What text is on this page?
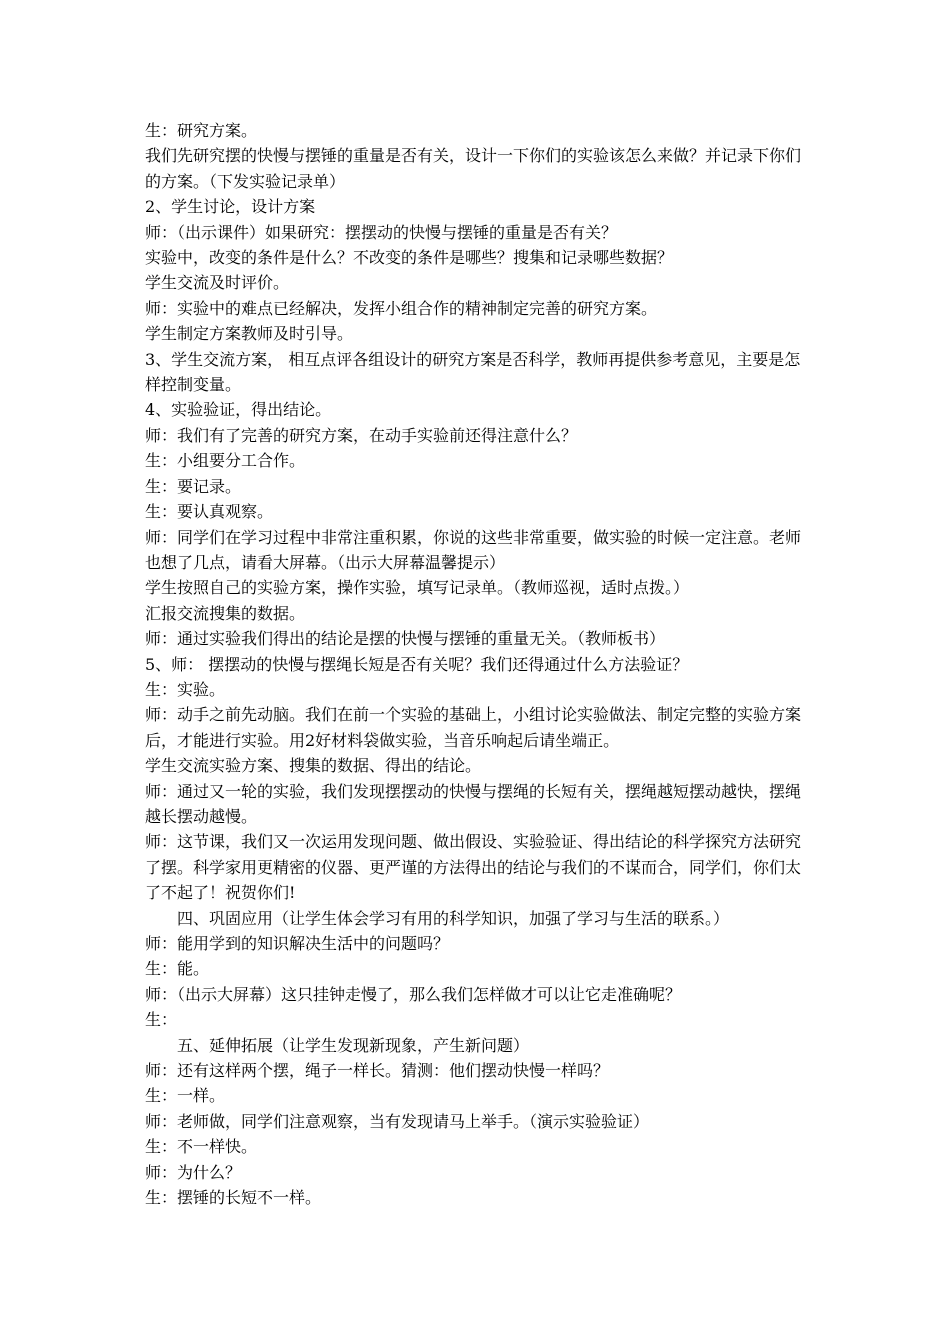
生：研究方案。

我们先研究摆的快慢与摆锤的重量是否有关，设计一下你们的实验该怎么来做？并记录下你们的方案。（下发实验记录单）

2、学生讨论，设计方案

师：（出示课件）如果研究：摆摆动的快慢与摆锤的重量是否有关？

实验中，改变的条件是什么？不改变的条件是哪些？搜集和记录哪些数据？

学生交流及时评价。

师：实验中的难点已经解决，发挥小组合作的精神制定完善的研究方案。

学生制定方案教师及时引导。

3、学生交流方案， 相互点评各组设计的研究方案是否科学，教师再提供参考意见，主要是怎样控制变量。

4、实验验证，得出结论。

师：我们有了完善的研究方案，在动手实验前还得注意什么？

生：小组要分工合作。

生：要记录。

生：要认真观察。

师：同学们在学习过程中非常注重积累，你说的这些非常重要，做实验的时候一定注意。老师也想了几点，请看大屏幕。（出示大屏幕温馨提示）

学生按照自己的实验方案，操作实验，填写记录单。（教师巡视，适时点拨。）

汇报交流搜集的数据。

师：通过实验我们得出的结论是摆的快慢与摆锤的重量无关。（教师板书）

5、师： 摆摆动的快慢与摆绳长短是否有关呢？我们还得通过什么方法验证？

生：实验。

师：动手之前先动脑。我们在前一个实验的基础上，小组讨论实验做法、制定完整的实验方案后，才能进行实验。用2好材料袋做实验，当音乐响起后请坐端正。

学生交流实验方案、搜集的数据、得出的结论。

师：通过又一轮的实验，我们发现摆摆动的快慢与摆绳的长短有关，摆绳越短摆动越快，摆绳越长摆动越慢。

师：这节课，我们又一次运用发现问题、做出假设、实验验证、得出结论的科学探究方法研究了摆。科学家用更精密的仪器、更严谨的方法得出的结论与我们的不谋而合，同学们，你们太了不起了！祝贺你们!

四、巩固应用（让学生体会学习有用的科学知识，加强了学习与生活的联系。）

师：能用学到的知识解决生活中的问题吗？

生：能。

师：（出示大屏幕）这只挂钟走慢了，那么我们怎样做才可以让它走准确呢？

生：

五、延伸拓展（让学生发现新现象，产生新问题）

师：还有这样两个摆，绳子一样长。猜测：他们摆动快慢一样吗？

生：一样。

师：老师做，同学们注意观察，当有发现请马上举手。（演示实验验证）

生：不一样快。

师：为什么？

生：摆锤的长短不一样。
